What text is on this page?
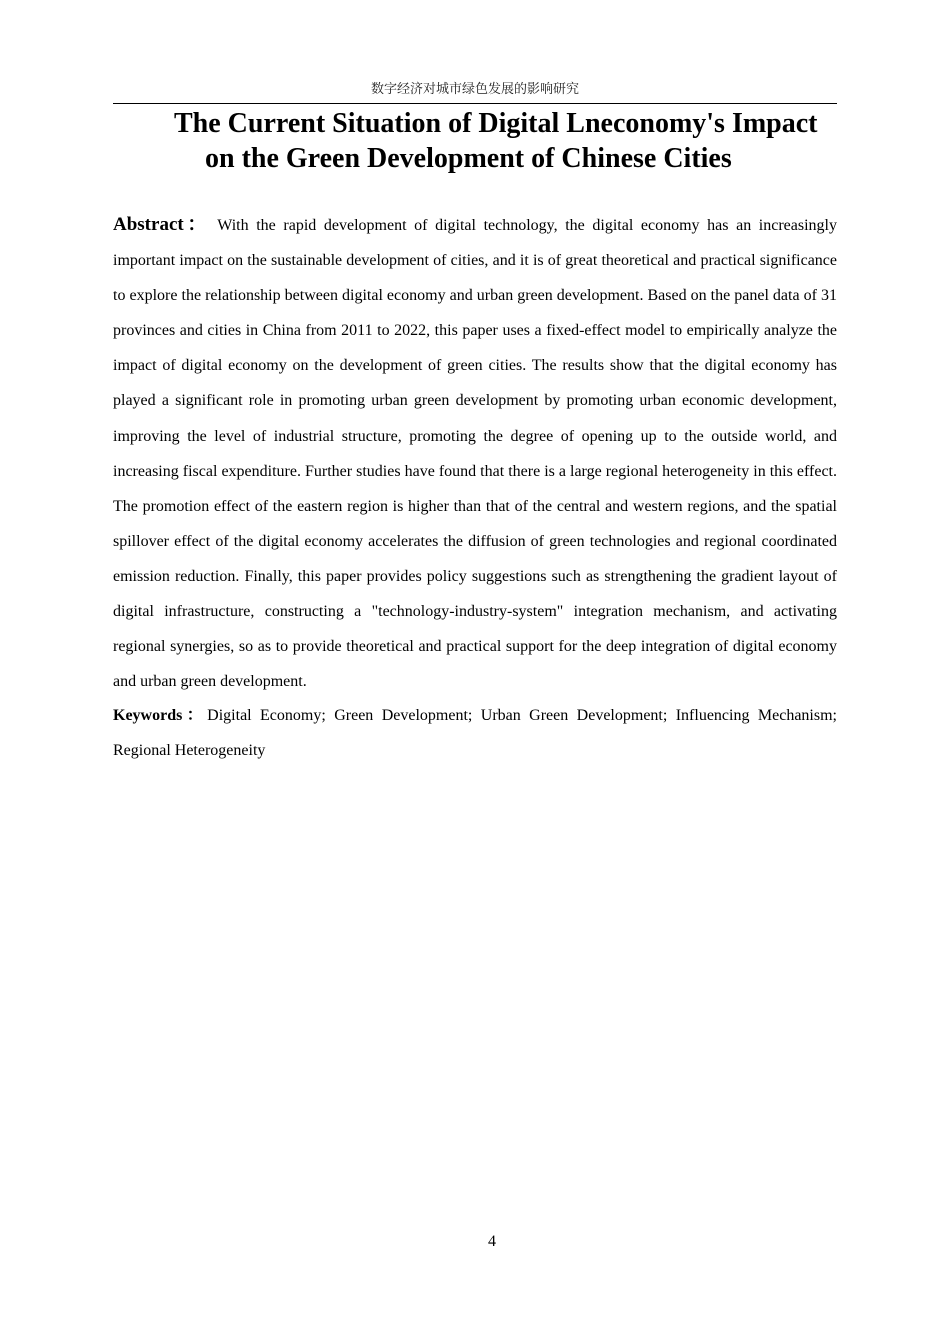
数字经济对城市绿色发展的影响研究
The Current Situation of Digital Lneconomy's Impact
on the Green Development of Chinese Cities

Abstract： With the rapid development of digital technology, the digital economy has an increasingly important impact on the sustainable development of cities, and it is of great theoretical and practical significance to explore the relationship between digital economy and urban green development. Based on the panel data of 31 provinces and cities in China from 2011 to 2022, this paper uses a fixed-effect model to empirically analyze the impact of digital economy on the development of green cities. The results show that the digital economy has played a significant role in promoting urban green development by promoting urban economic development, improving the level of industrial structure, promoting the degree of opening up to the outside world, and increasing fiscal expenditure. Further studies have found that there is a large regional heterogeneity in this effect. The promotion effect of the eastern region is higher than that of the central and western regions, and the spatial spillover effect of the digital economy accelerates the diffusion of green technologies and regional coordinated emission reduction. Finally, this paper provides policy suggestions such as strengthening the gradient layout of digital infrastructure, constructing a "technology-industry-system" integration mechanism, and activating regional synergies, so as to provide theoretical and practical support for the deep integration of digital economy and urban green development.

Keywords：Digital Economy; Green Development; Urban Green Development; Influencing Mechanism; Regional Heterogeneity

4
